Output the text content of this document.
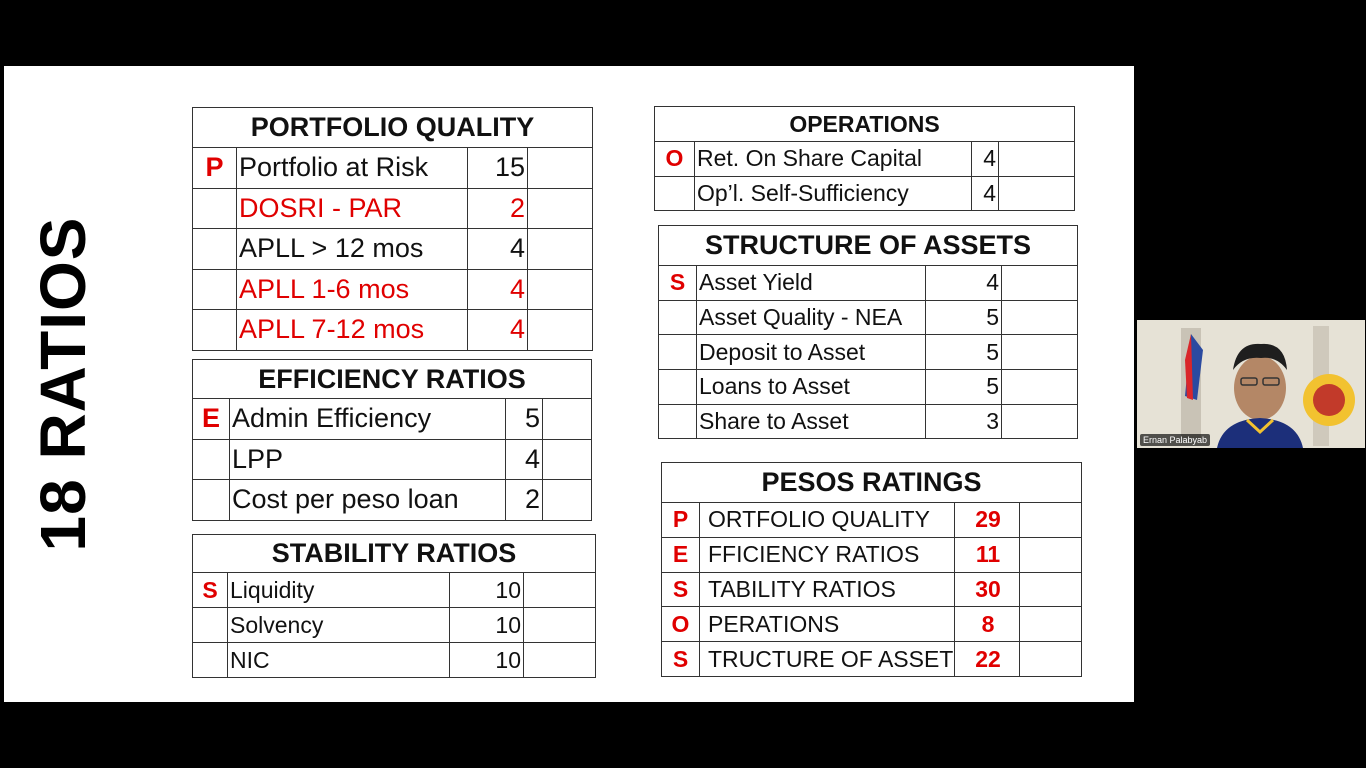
18 RATIOS
PORTFOLIO QUALITY			
P	Portfolio at Risk	15	
	DOSRI - PAR	2	
	APLL > 12 mos	4	
	APLL 1-6 mos	4	
	APLL 7-12 mos	4	
EFFICIENCY RATIOS			
E	Admin Efficiency	5	
	LPP	4	
	Cost per peso loan	2	
STABILITY RATIOS			
S	Liquidity	10	
	Solvency	10	
	NIC	10	
OPERATIONS			
O	Ret. On Share Capital	4	
	Op’l. Self-Sufficiency	4	
STRUCTURE OF ASSETS			
S	Asset Yield	4	
	Asset Quality - NEA	5	
	Deposit to Asset	5	
	Loans to Asset	5	
	Share to Asset	3	
PESOS RATINGS			
P	ORTFOLIO QUALITY	29	
E	FFICIENCY RATIOS	11	
S	TABILITY RATIOS	30	
O	PERATIONS	8	
S	TRUCTURE OF ASSET	22	
Ernan Palabyab
